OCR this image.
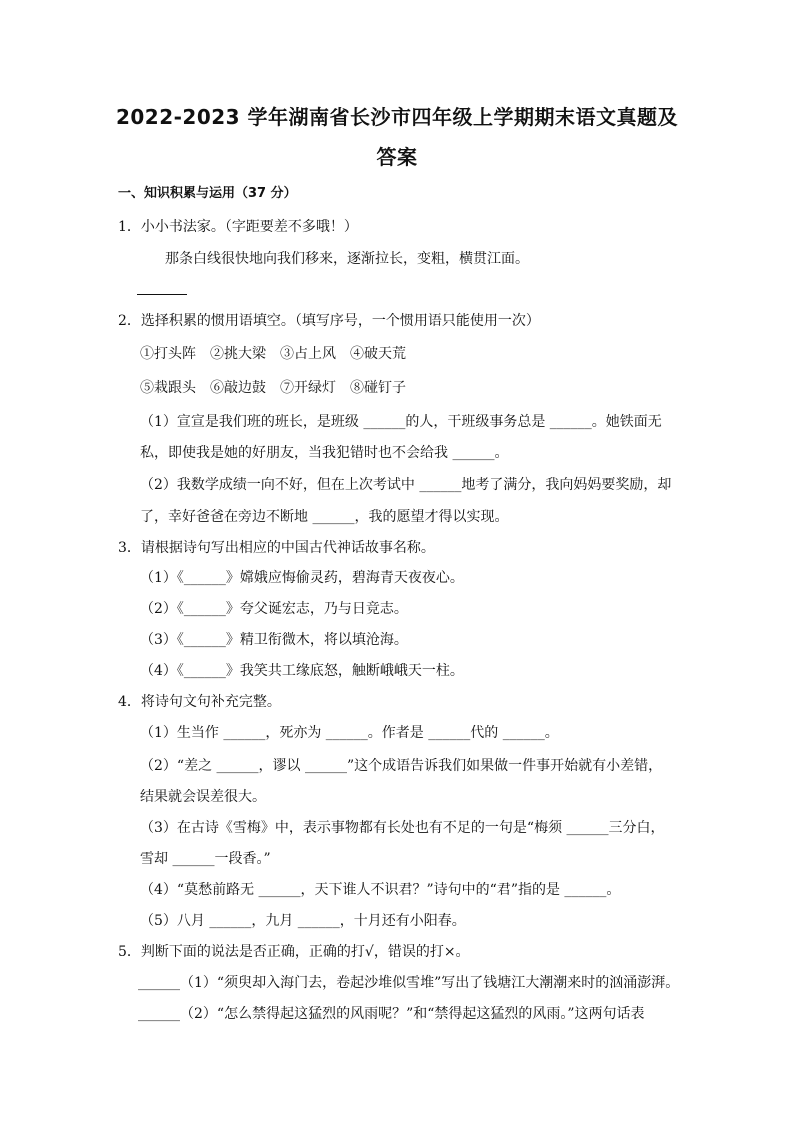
2022-2023 学年湖南省长沙市四年级上学期期末语文真题及
答案
一、知识积累与运用（37 分）
1．小小书法家。（字距要差不多哦！）
那条白线很快地向我们移来，逐渐拉长，变粗，横贯江面。
2．选择积累的惯用语填空。（填写序号，一个惯用语只能使用一次）
①打头阵　②挑大梁　③占上风　④破天荒
⑤栽跟头　⑥敲边鼓　⑦开绿灯　⑧碰钉子
（1）宣宣是我们班的班长，是班级 ______的人，干班级事务总是 ______。她铁面无
私，即使我是她的好朋友，当我犯错时也不会给我 ______。
（2）我数学成绩一向不好，但在上次考试中 ______地考了满分，我向妈妈要奖励，却
了，幸好爸爸在旁边不断地 ______，我的愿望才得以实现。
3．请根据诗句写出相应的中国古代神话故事名称。
（1）《______》嫦娥应悔偷灵药，碧海青天夜夜心。
（2）《______》夸父诞宏志，乃与日竞志。
（3）《______》精卫衔微木，将以填沧海。
（4）《______》我笑共工缘底怒，触断峨峨天一柱。
4．将诗句文句补充完整。
（1）生当作 ______，死亦为 ______。作者是 ______代的 ______。
（2）“差之 ______，谬以 ______”这个成语告诉我们如果做一件事开始就有小差错，
结果就会误差很大。
（3）在古诗《雪梅》中，表示事物都有长处也有不足的一句是“梅须 ______三分白，
雪却 ______一段香。”
（4）“莫愁前路无 ______，天下谁人不识君？”诗句中的“君”指的是 ______。
（5）八月 ______，九月 ______，十月还有小阳春。
5．判断下面的说法是否正确，正确的打√，错误的打×。
______（1）“须臾却入海门去，卷起沙堆似雪堆”写出了钱塘江大潮潮来时的汹涌澎湃。
______（2）“怎么禁得起这猛烈的风雨呢？”和“禁得起这猛烈的风雨。”这两句话表
